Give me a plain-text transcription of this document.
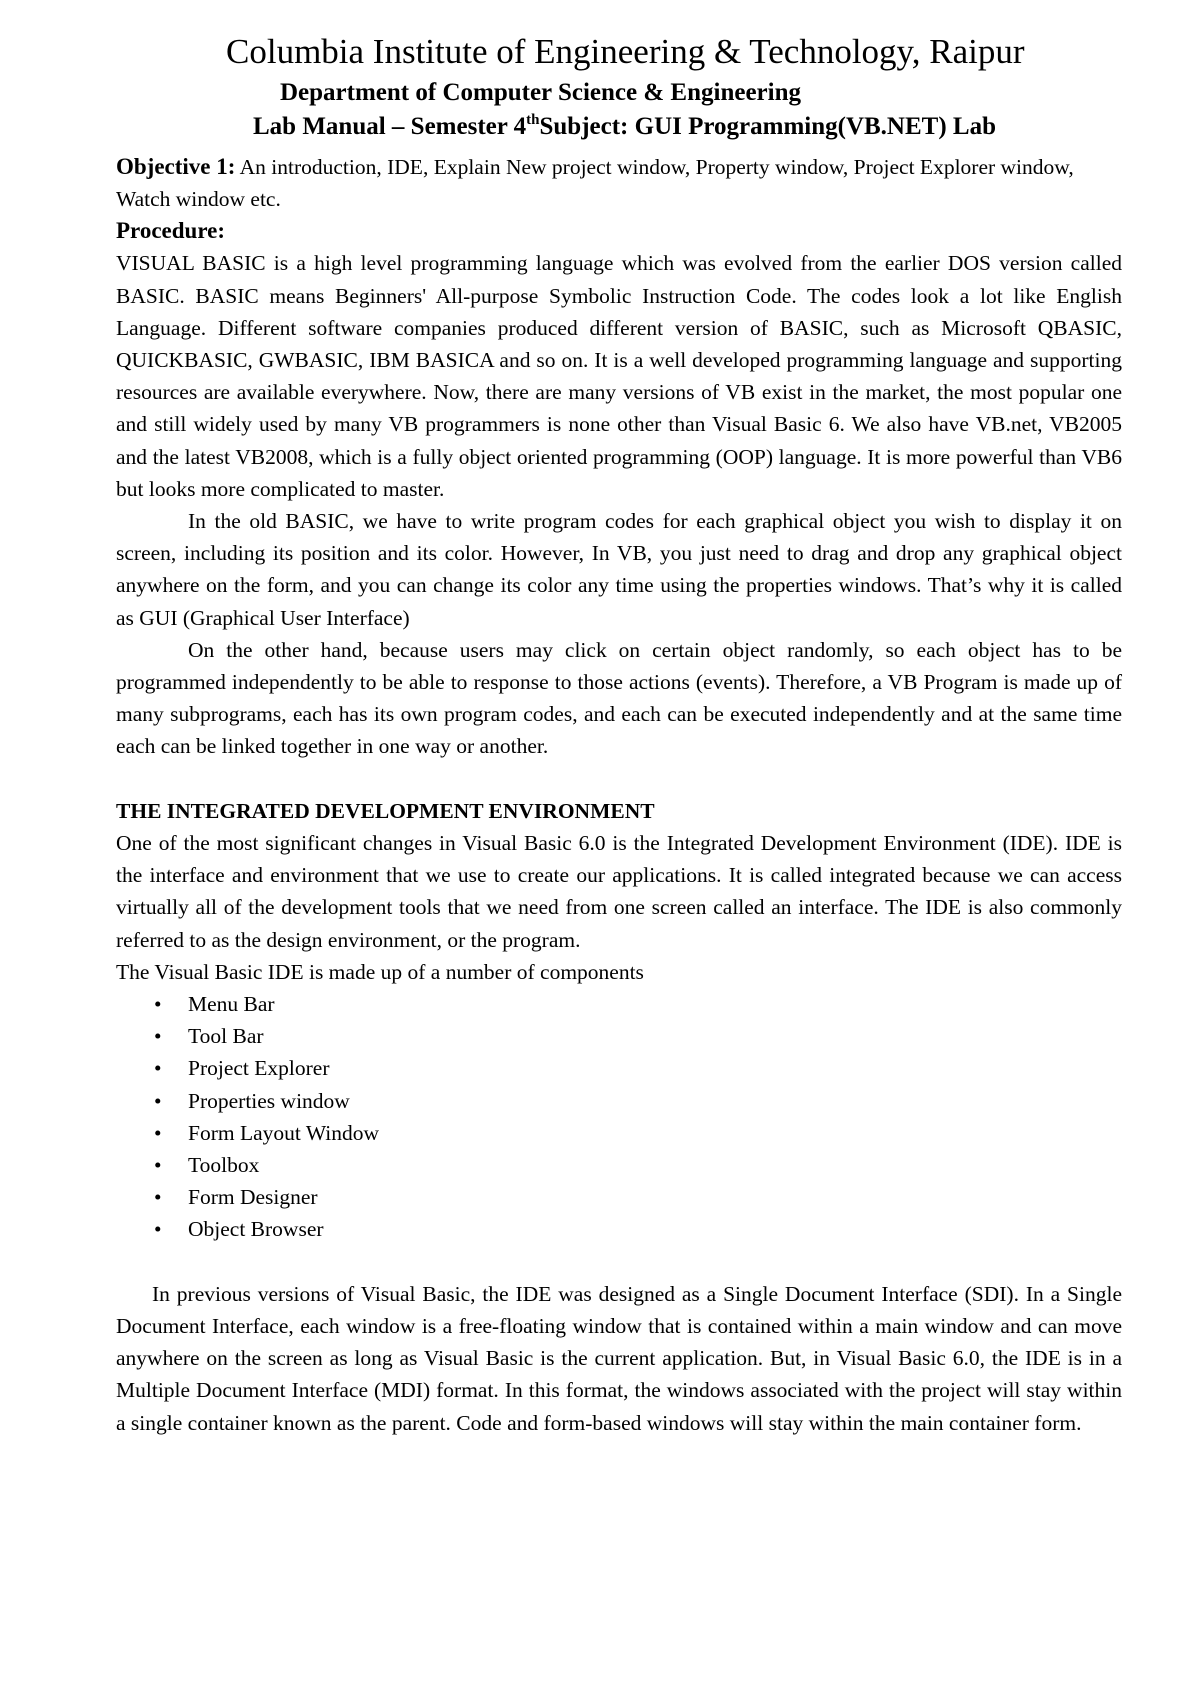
Columbia Institute of Engineering & Technology, Raipur
Department of Computer Science & Engineering
Lab Manual – Semester 4thSubject: GUI Programming(VB.NET) Lab

Objective 1: An introduction, IDE, Explain New project window, Property window, Project Explorer window, Watch window etc.

Procedure:

VISUAL BASIC is a high level programming language which was evolved from the earlier DOS version called BASIC. BASIC means Beginners' All-purpose Symbolic Instruction Code. The codes look a lot like English Language. Different software companies produced different version of BASIC, such as Microsoft QBASIC, QUICKBASIC, GWBASIC, IBM BASICA and so on. It is a well developed programming language and supporting resources are available everywhere. Now, there are many versions of VB exist in the market, the most popular one and still widely used by many VB programmers is none other than Visual Basic 6. We also have VB.net, VB2005 and the latest VB2008, which is a fully object oriented programming (OOP) language. It is more powerful than VB6 but looks more complicated to master.

In the old BASIC, we have to write program codes for each graphical object you wish to display it on screen, including its position and its color. However, In VB, you just need to drag and drop any graphical object anywhere on the form, and you can change its color any time using the properties windows. That’s why it is called as GUI (Graphical User Interface)

On the other hand, because users may click on certain object randomly, so each object has to be programmed independently to be able to response to those actions (events). Therefore, a VB Program is made up of many subprograms, each has its own program codes, and each can be executed independently and at the same time each can be linked together in one way or another.

THE INTEGRATED DEVELOPMENT ENVIRONMENT

One of the most significant changes in Visual Basic 6.0 is the Integrated Development Environment (IDE). IDE is the interface and environment that we use to create our applications. It is called integrated because we can access virtually all of the development tools that we need from one screen called an interface. The IDE is also commonly referred to as the design environment, or the program.

The Visual Basic IDE is made up of a number of components

• Menu Bar
• Tool Bar
• Project Explorer
• Properties window
• Form Layout Window
• Toolbox
• Form Designer
• Object Browser

In previous versions of Visual Basic, the IDE was designed as a Single Document Interface (SDI). In a Single Document Interface, each window is a free-floating window that is contained within a main window and can move anywhere on the screen as long as Visual Basic is the current application. But, in Visual Basic 6.0, the IDE is in a Multiple Document Interface (MDI) format. In this format, the windows associated with the project will stay within a single container known as the parent. Code and form-based windows will stay within the main container form.
